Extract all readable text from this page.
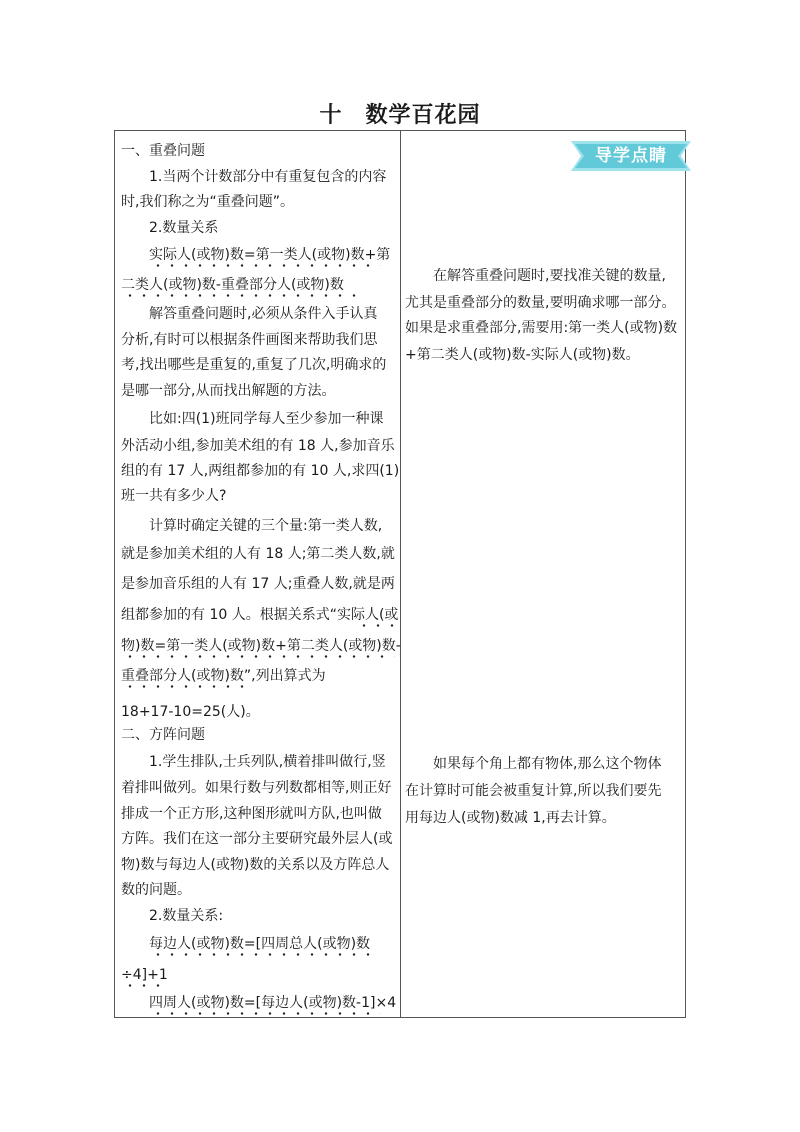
十　数学百花园
一、重叠问题
　　1.当两个计数部分中有重复包含的内容
时,我们称之为“重叠问题”。
　　2.数量关系
　　实际人(或物)数=第一类人(或物)数+第
二类人(或物)数-重叠部分人(或物)数
　　解答重叠问题时,必须从条件入手认真
分析,有时可以根据条件画图来帮助我们思
考,找出哪些是重复的,重复了几次,明确求的
是哪一部分,从而找出解题的方法。
　　比如:四(1)班同学每人至少参加一种课
外活动小组,参加美术组的有 18 人,参加音乐
组的有 17 人,两组都参加的有 10 人,求四(1)
班一共有多少人?
　　计算时确定关键的三个量:第一类人数,
就是参加美术组的人有 18 人;第二类人数,就
是参加音乐组的人有 17 人;重叠人数,就是两
组都参加的有 10 人。根据关系式“实际人(或
物)数=第一类人(或物)数+第二类人(或物)数-
重叠部分人(或物)数”,列出算式为
18+17-10=25(人)。
二、方阵问题
　　1.学生排队,士兵列队,横着排叫做行,竖
着排叫做列。如果行数与列数都相等,则正好
排成一个正方形,这种图形就叫方队,也叫做
方阵。我们在这一部分主要研究最外层人(或
物)数与每边人(或物)数的关系以及方阵总人
数的问题。
　　2.数量关系:
　　每边人(或物)数=[四周总人(或物)数
÷4]+1
　　四周人(或物)数=[每边人(或物)数-1]×4
导学点睛
　　在解答重叠问题时,要找准关键的数量,
尤其是重叠部分的数量,要明确求哪一部分。
如果是求重叠部分,需要用:第一类人(或物)数
+第二类人(或物)数-实际人(或物)数。
　　如果每个角上都有物体,那么这个物体
在计算时可能会被重复计算,所以我们要先
用每边人(或物)数减 1,再去计算。
